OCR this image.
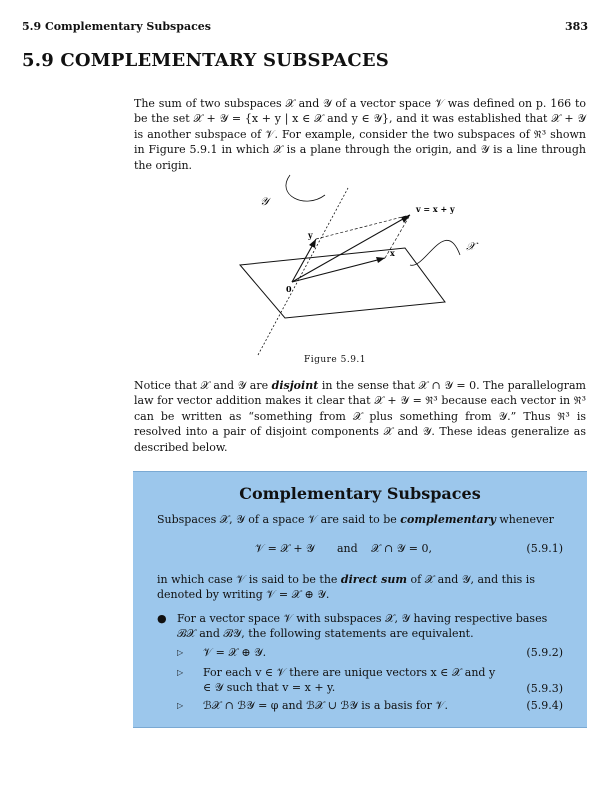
5.9 Complementary Subspaces	383
5.9 COMPLEMENTARY SUBSPACES
The sum of two subspaces 𝒳 and 𝒴 of a vector space 𝒱 was defined on p. 166 to be the set 𝒳 + 𝒴 = {x + y | x ∈ 𝒳 and y ∈ 𝒴}, and it was established that 𝒳 + 𝒴 is another subspace of 𝒱. For example, consider the two subspaces of ℜ³ shown in Figure 5.9.1 in which 𝒳 is a plane through the origin, and 𝒴 is a line through the origin.
𝒴
𝒳
v = x + y
y
x
0
Figure 5.9.1
Notice that 𝒳 and 𝒴 are disjoint in the sense that 𝒳 ∩ 𝒴 = 0. The parallelogram law for vector addition makes it clear that 𝒳 + 𝒴 = ℜ³ because each vector in ℜ³ can be written as “something from 𝒳 plus something from 𝒴.” Thus ℜ³ is resolved into a pair of disjoint components 𝒳 and 𝒴. These ideas generalize as described below.
Complementary Subspaces
Subspaces 𝒳, 𝒴 of a space 𝒱 are said to be complementary whenever
𝒱 = 𝒳 + 𝒴 and 𝒳 ∩ 𝒴 = 0,	(5.9.1)
in which case 𝒱 is said to be the direct sum of 𝒳 and 𝒴, and this is denoted by writing 𝒱 = 𝒳 ⊕ 𝒴.
● For a vector space 𝒱 with subspaces 𝒳, 𝒴 having respective bases ℬ𝒳 and ℬ𝒴, the following statements are equivalent.
▷ 𝒱 = 𝒳 ⊕ 𝒴.	(5.9.2)
▷ For each v ∈ 𝒱 there are unique vectors x ∈ 𝒳 and y ∈ 𝒴 such that v = x + y.	(5.9.3)
▷ ℬ𝒳 ∩ ℬ𝒴 = φ and ℬ𝒳 ∪ ℬ𝒴 is a basis for 𝒱.	(5.9.4)
